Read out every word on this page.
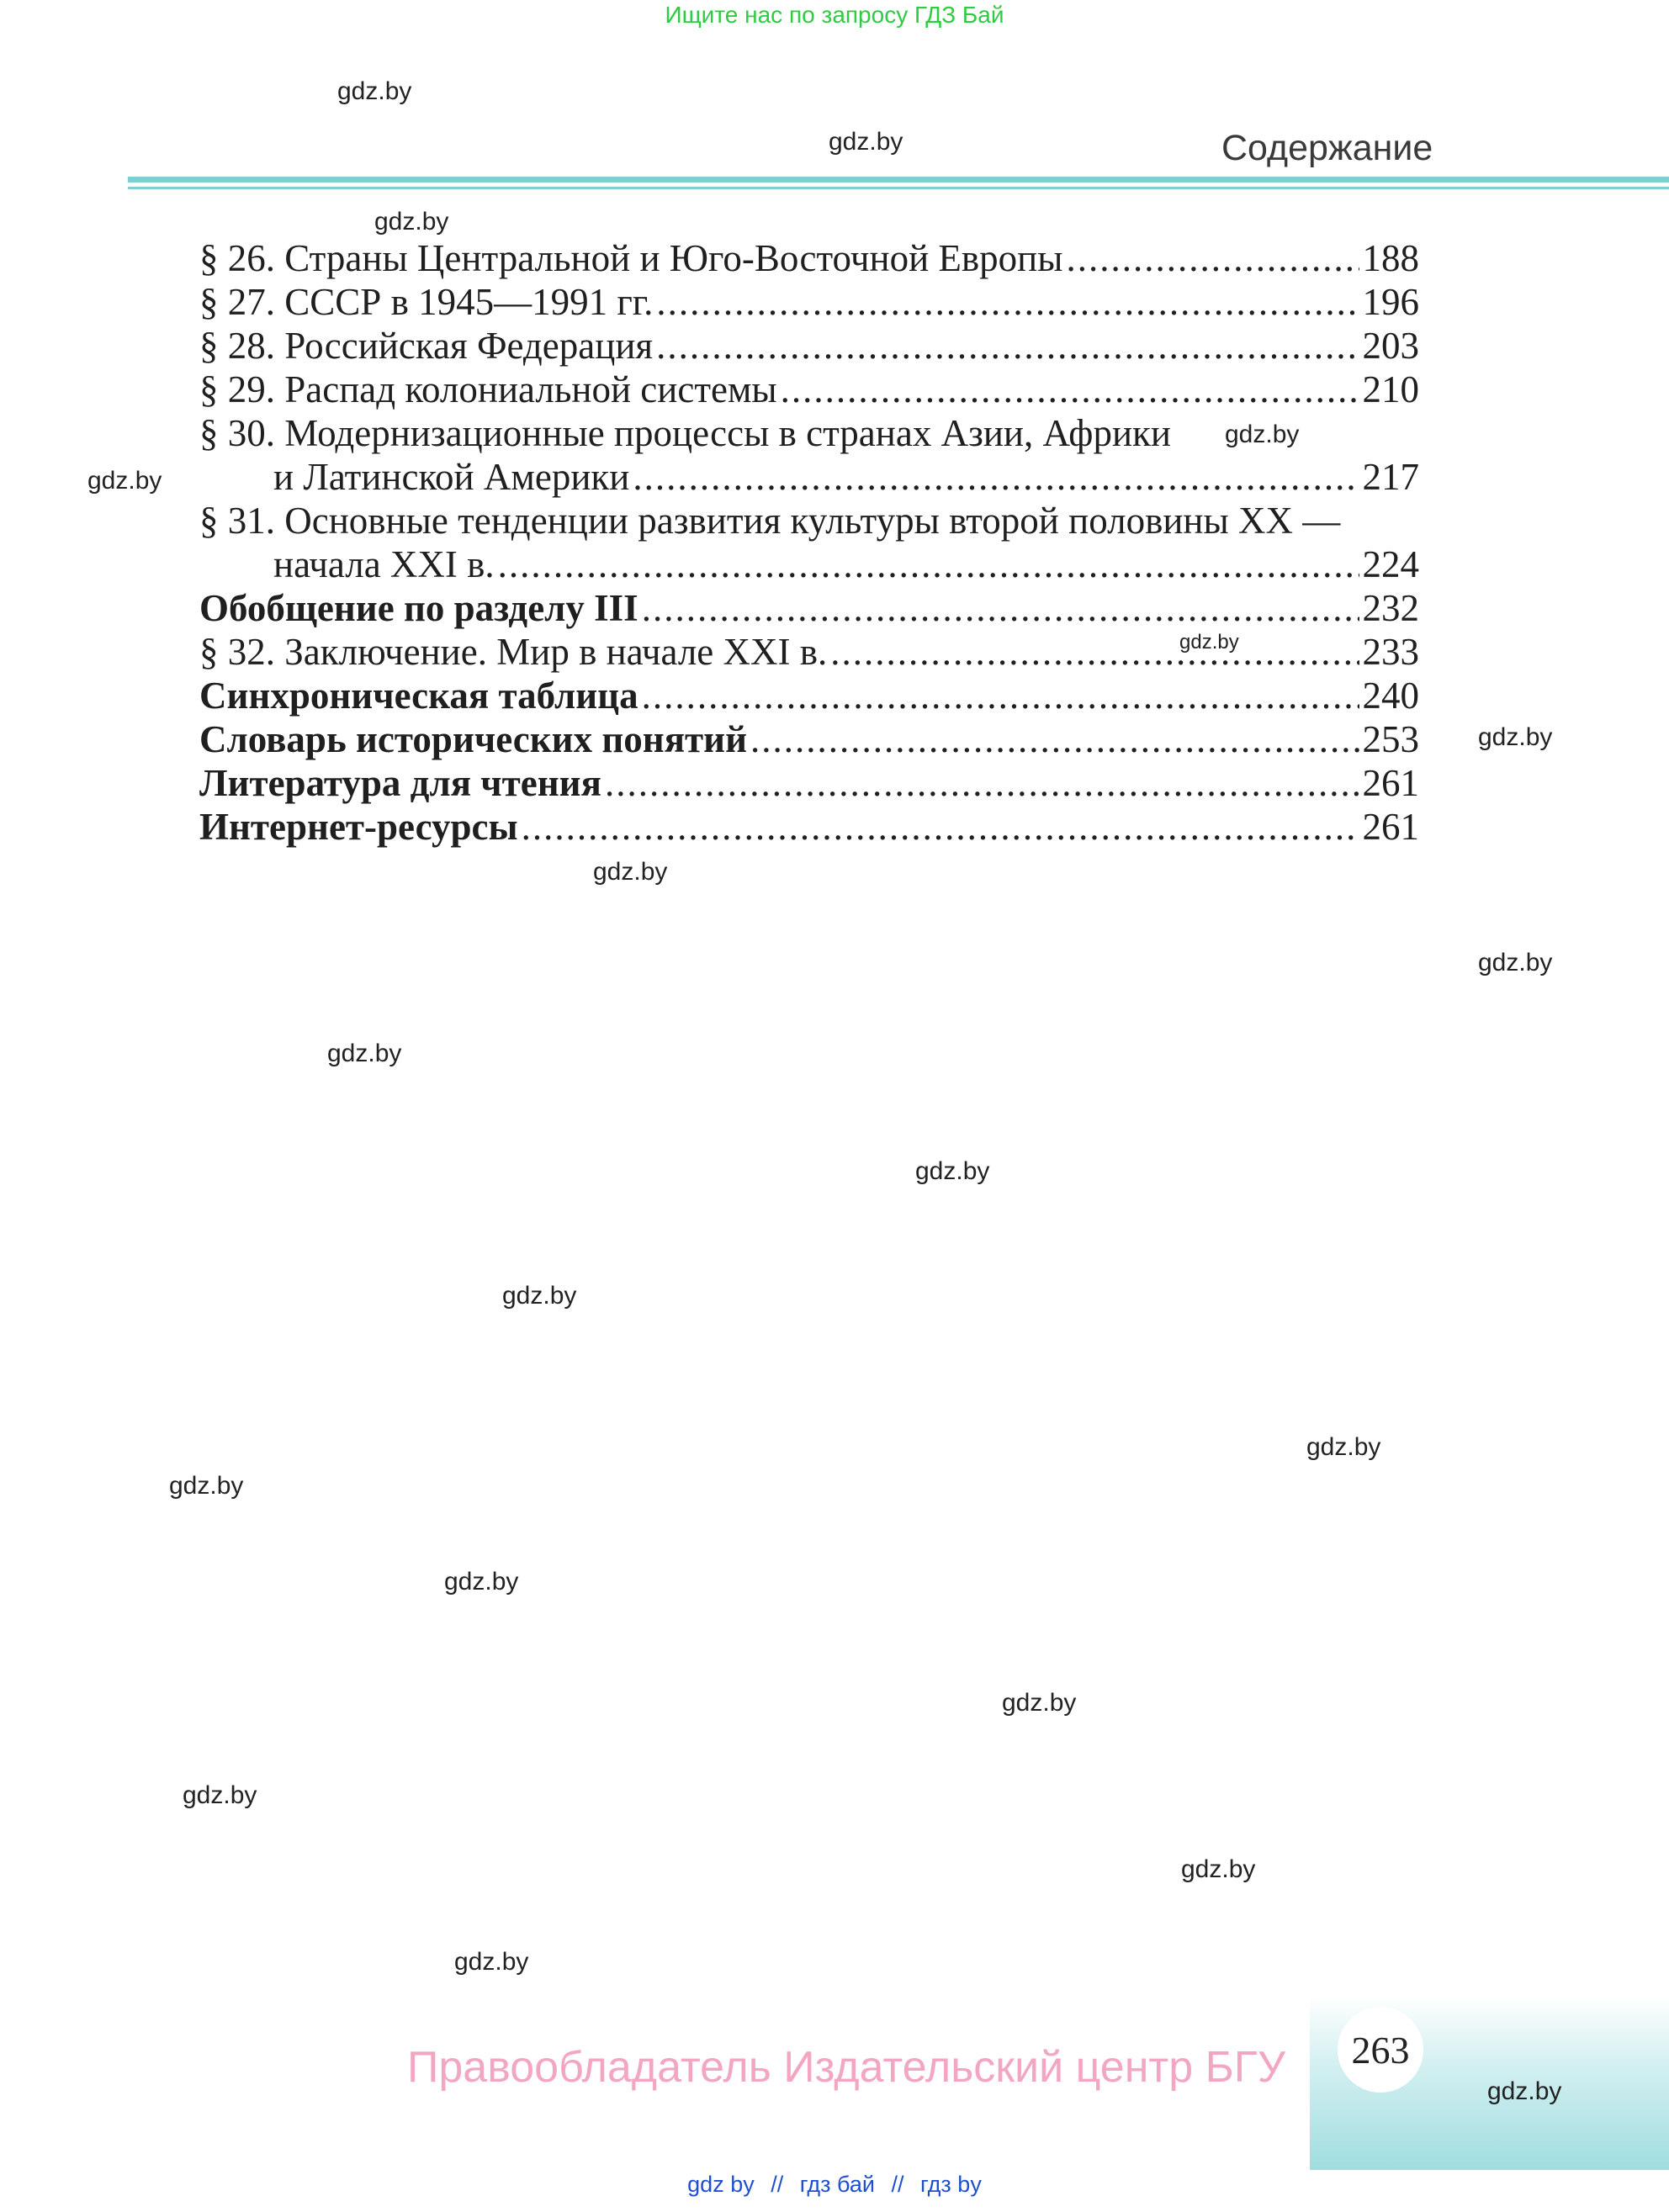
Ищите нас по запросу ГДЗ Бай
Содержание
§ 26. Страны Центральной и Юго-Восточной Европы .....	188
§ 27. СССР в 1945—1991 гг. .....	196
§ 28. Российская Федерация .....	203
§ 29. Распад колониальной системы .....	210
§ 30. Модернизационные процессы в странах Азии, Африки
и Латинской Америки .....	217
§ 31. Основные тенденции развития культуры второй половины XX —
начала XXI в. .....	224
Обобщение по разделу III .....	232
§ 32. Заключение. Мир в начале XXI в. .....	233
Синхроническая таблица .....	240
Словарь исторических понятий .....	253
Литература для чтения .....	261
Интернет-ресурсы .....	261
gdz.by
gdz.by
gdz.by
gdz.by
gdz.by
gdz.by
gdz.by
gdz.by
gdz.by
gdz.by
gdz.by
gdz.by
gdz.by
gdz.by
gdz.by
gdz.by
gdz.by
gdz.by
gdz.by
Правообладатель Издательский центр БГУ	263
gdz.by
gdz by // гдз бай // гдз by
